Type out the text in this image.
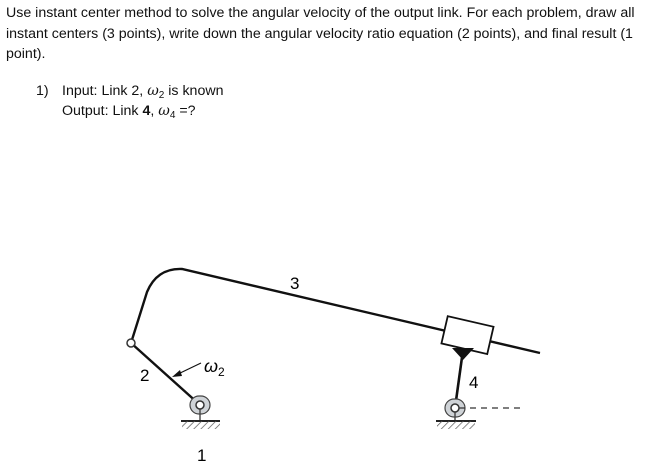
Use instant center method to solve the angular velocity of the output link. For each problem, draw all instant centers (3 points), write down the angular velocity ratio equation (2 points), and final result (1 point).

1) Input: Link 2, $\omega_2$ is known
Output: Link 4, $\omega_4$ =?
$\omega_2$
3
2	4
1
